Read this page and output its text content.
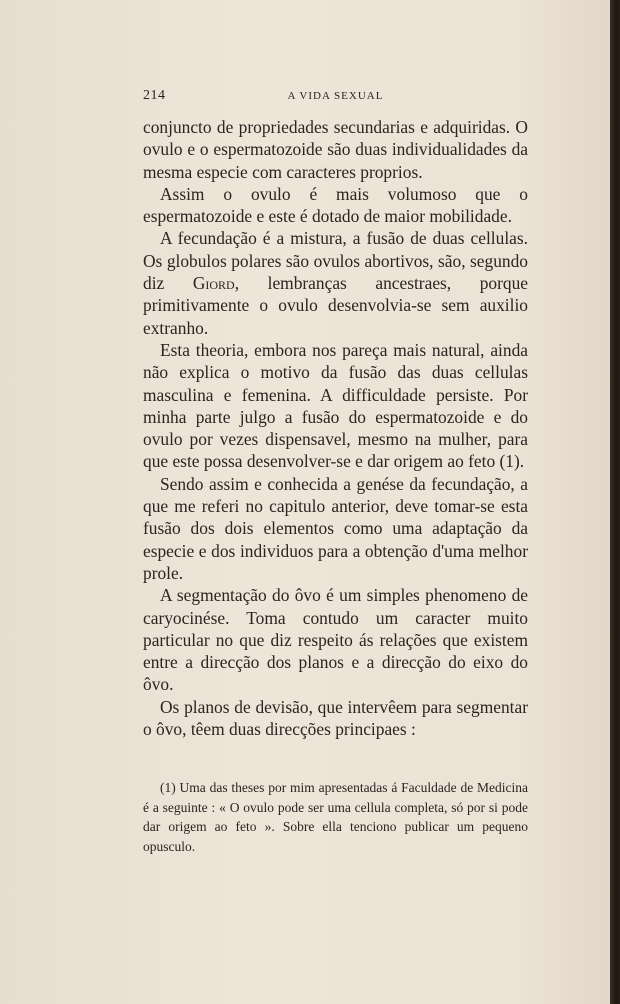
214	A VIDA SEXUAL

conjuncto de propriedades secundarias e adquiridas. O ovulo e o espermatozoide são duas individualidades da mesma especie com caracteres proprios.

Assim o ovulo é mais volumoso que o espermatozoide e este é dotado de maior mobilidade.

A fecundação é a mistura, a fusão de duas cellulas. Os globulos polares são ovulos abortivos, são, segundo diz Giord, lembranças ancestraes, porque primitivamente o ovulo desenvolvia-se sem auxilio extranho.

Esta theoria, embora nos pareça mais natural, ainda não explica o motivo da fusão das duas cellulas masculina e femenina. A difficuldade persiste. Por minha parte julgo a fusão do espermatozoide e do ovulo por vezes dispensavel, mesmo na mulher, para que este possa desenvolver-se e dar origem ao feto (1).

Sendo assim e conhecida a genése da fecundação, a que me referi no capitulo anterior, deve tomar-se esta fusão dos dois elementos como uma adaptação da especie e dos individuos para a obtenção d'uma melhor prole.

A segmentação do ôvo é um simples phenomeno de caryocinése. Toma contudo um caracter muito particular no que diz respeito ás relações que existem entre a direcção dos planos e a direcção do eixo do ôvo.

Os planos de devisão, que intervêem para segmentar o ôvo, têem duas direcções principaes :

(1) Uma das theses por mim apresentadas á Faculdade de Medicina é a seguinte : « O ovulo pode ser uma cellula completa, só por si pode dar origem ao feto ». Sobre ella tenciono publicar um pequeno opusculo.
